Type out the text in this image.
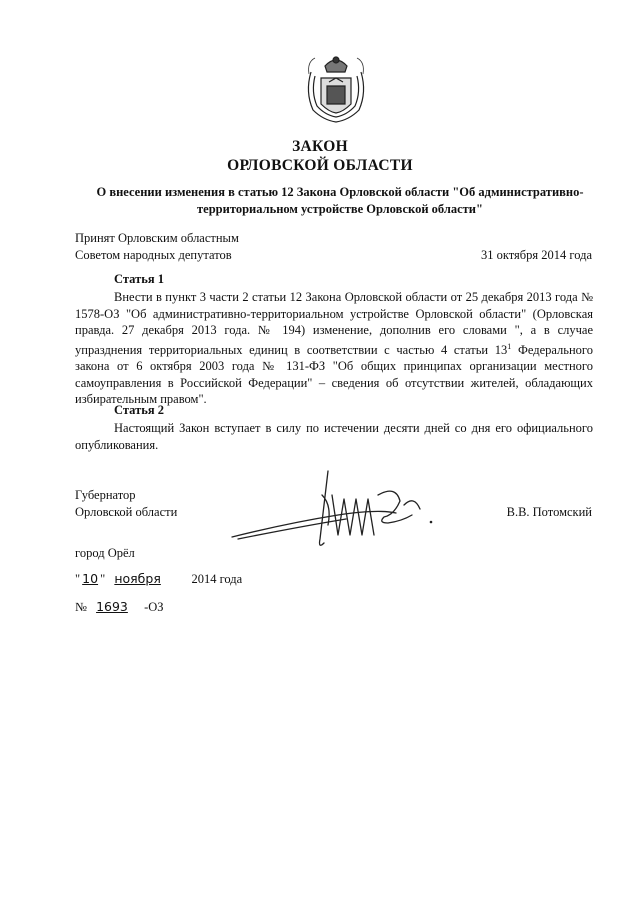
ЗАКОН
ОРЛОВСКОЙ ОБЛАСТИ
О внесении изменения в статью 12 Закона Орловской области "Об административно-
территориальном устройстве Орловской области"
Принят Орловским областным
Советом народных депутатов	31 октября 2014 года
Статья 1
Внести в пункт 3 части 2 статьи 12 Закона Орловской области от 25 декабря 2013 года № 1578-ОЗ "Об административно-территориальном устройстве Орловской области" (Орловская правда. 27 декабря 2013 года. № 194) изменение, дополнив его словами ", а в случае упразднения территориальных единиц в соответствии с частью 4 статьи $13^1$ Федерального закона от 6 октября 2003 года № 131-ФЗ "Об общих принципах организации местного самоуправления в Российской Федерации" – сведения об отсутствии жителей, обладающих избирательным правом".
Статья 2
Настоящий Закон вступает в силу по истечении десяти дней со дня его официального опубликования.
Губернатор
Орловской области	В.В. Потомский
город Орёл
" 10 " ноября 2014 года
№ 1693 -ОЗ
